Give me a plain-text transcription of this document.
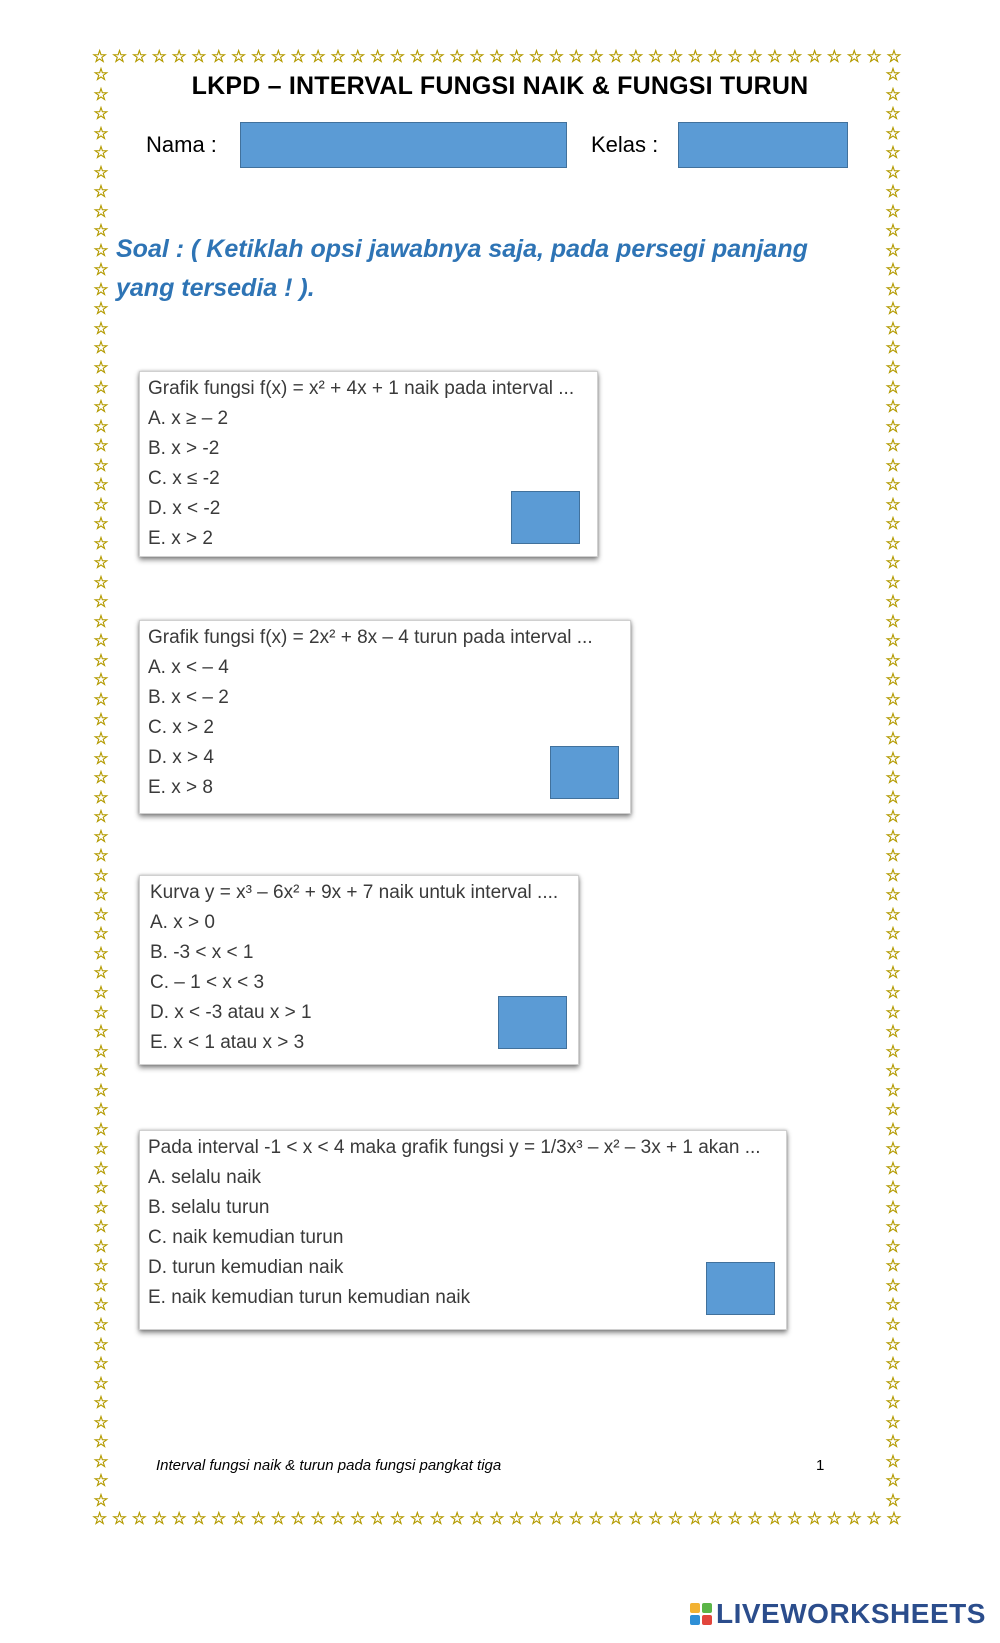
☆ ☆ ☆ ☆ ☆ ☆ ☆ ☆ ☆ ☆ ☆ ☆ ☆ ☆ ☆ ☆ ☆ ☆ ☆ ☆ ☆ ☆ ☆ ☆ ☆ ☆ ☆ ☆ ☆ ☆ ☆ ☆ ☆ ☆ ☆ ☆ ☆ ☆ ☆ ☆ ☆
☆ ☆ ☆ ☆ ☆ ☆ ☆ ☆ ☆ ☆ ☆ ☆ ☆ ☆ ☆ ☆ ☆ ☆ ☆ ☆ ☆ ☆ ☆ ☆ ☆ ☆ ☆ ☆ ☆ ☆ ☆ ☆ ☆ ☆ ☆ ☆ ☆ ☆ ☆ ☆ ☆
☆
☆
☆
☆
☆
☆
☆
☆
☆
☆
☆
☆
☆
☆
☆
☆
☆
☆
☆
☆
☆
☆
☆
☆
☆
☆
☆
☆
☆
☆
☆
☆
☆
☆
☆
☆
☆
☆
☆
☆
☆
☆
☆
☆
☆
☆
☆
☆
☆
☆
☆
☆
☆
☆
☆
☆
☆
☆
☆
☆
☆
☆
☆
☆
☆
☆
☆
☆
☆
☆
☆
☆
☆
☆
☆
☆
☆
☆
☆
☆
☆
☆
☆
☆
☆
☆
☆
☆
☆
☆
☆
☆
☆
☆
☆
☆
☆
☆
☆
☆
☆
☆
☆
☆
☆
☆
☆
☆
☆
☆
☆
☆
☆
☆
☆
☆
☆
☆
☆
☆
☆
☆
☆
☆
☆
☆
☆
☆
☆
☆
☆
☆
☆
☆
☆
☆
☆
☆
☆
☆
☆
☆
☆
☆
☆
☆
☆
☆
LKPD – INTERVAL FUNGSI NAIK & FUNGSI TURUN
Nama :	Kelas :
Soal : ( Ketiklah opsi jawabnya saja, pada persegi panjang yang tersedia ! ).
Grafik fungsi f(x) = x² + 4x + 1 naik pada interval ...
A. x ≥ – 2
B. x > -2
C. x ≤ -2
D. x < -2
E. x > 2
Grafik fungsi f(x) = 2x² + 8x – 4 turun pada interval ...
A. x < – 4
B. x < – 2
C. x > 2
D. x > 4
E. x > 8
Kurva y = x³ – 6x² + 9x + 7 naik untuk interval ....
A. x > 0
B. -3 < x < 1
C. – 1 < x < 3
D. x < -3 atau x > 1
E. x < 1 atau x > 3
Pada interval -1 < x < 4 maka grafik fungsi y = 1/3x³ – x² – 3x + 1 akan ...
A. selalu naik
B. selalu turun
C. naik kemudian turun
D. turun kemudian naik
E. naik kemudian turun kemudian naik
Interval fungsi naik & turun pada fungsi pangkat tiga	1
LIVEWORKSHEETS
